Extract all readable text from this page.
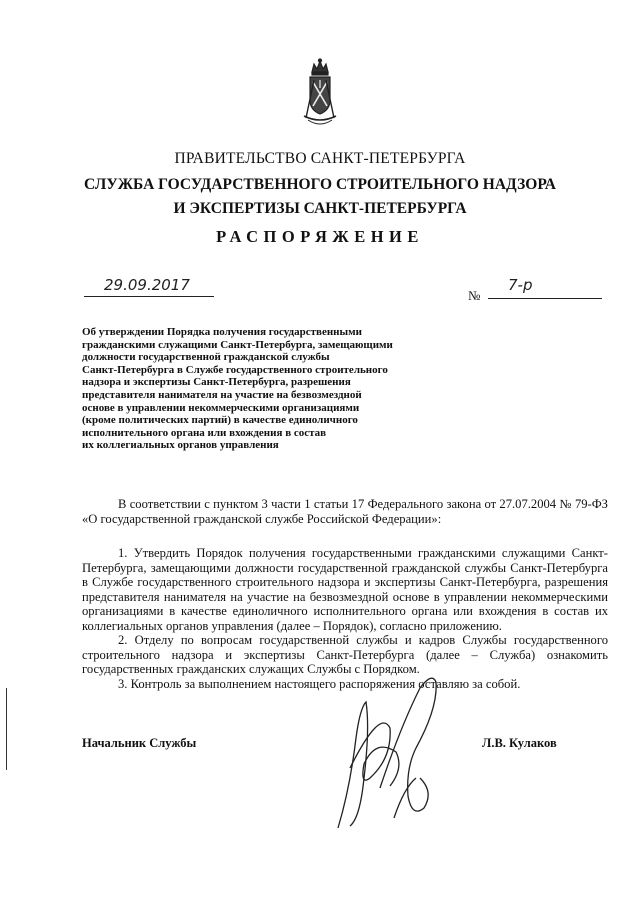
ПРАВИТЕЛЬСТВО САНКТ-ПЕТЕРБУРГА
СЛУЖБА ГОСУДАРСТВЕННОГО СТРОИТЕЛЬНОГО НАДЗОРА
И ЭКСПЕРТИЗЫ САНКТ-ПЕТЕРБУРГА
РАСПОРЯЖЕНИЕ
29.09.2017
№
7-р
Об утверждении Порядка получения государственными
гражданскими служащими Санкт-Петербурга, замещающими
должности государственной гражданской службы
Санкт-Петербурга в Службе государственного строительного
надзора и экспертизы Санкт-Петербурга, разрешения
представителя нанимателя на участие на безвозмездной
основе в управлении некоммерческими организациями
(кроме политических партий) в качестве единоличного
исполнительного органа или вхождения в состав
их коллегиальных органов управления

В соответствии с пунктом 3 части 1 статьи 17 Федерального закона от 27.07.2004 № 79-ФЗ «О государственной гражданской службе Российской Федерации»:

1. Утвердить Порядок получения государственными гражданскими служащими Санкт-Петербурга, замещающими должности государственной гражданской службы Санкт-Петербурга в Службе государственного строительного надзора и экспертизы Санкт-Петербурга, разрешения представителя нанимателя на участие на безвозмездной основе в управлении некоммерческими организациями в качестве единоличного исполнительного органа или вхождения в состав их коллегиальных органов управления (далее – Порядок), согласно приложению.

2. Отделу по вопросам государственной службы и кадров Службы государственного строительного надзора и экспертизы Санкт-Петербурга (далее – Служба) ознакомить государственных гражданских служащих Службы с Порядком.

3. Контроль за выполнением настоящего распоряжения оставляю за собой.

Начальник Службы	Л.В. Кулаков
